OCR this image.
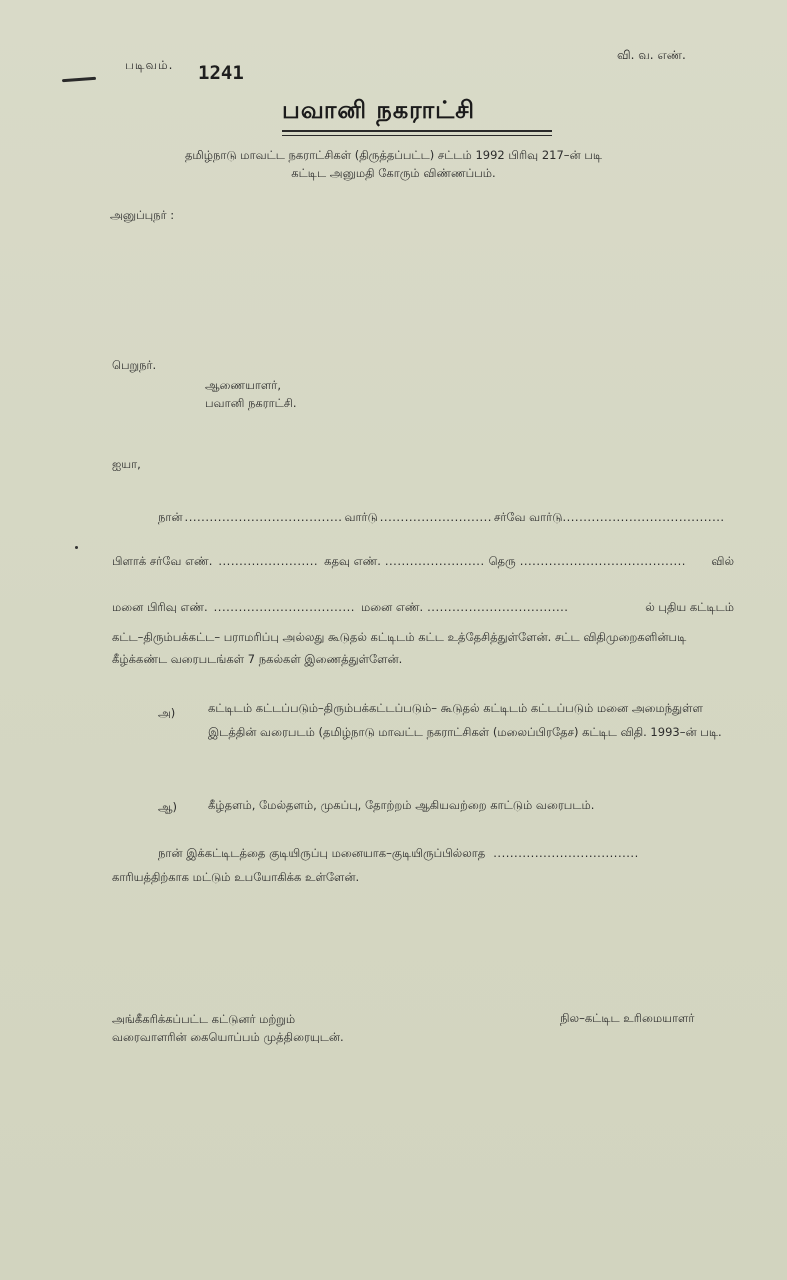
படிவம். 1241
வி. வ. எண்.
பவானி நகராட்சி
தமிழ்நாடு மாவட்ட நகராட்சிகள் (திருத்தப்பட்ட) சட்டம் 1992 பிரிவு 217–ன் படி
கட்டிட அனுமதி கோரும் விண்ணப்பம்.
அனுப்புநர் :
பெறுநர்.
ஆணையாளர்,
பவானி நகராட்சி.
ஐயா,
நான் ...................................... வார்டு ........................... சர்வே வார்டு .......................................
பிளாக் சர்வே எண். ........................ கதவு எண். ........................ தெரு ........................................	வில்
மனை பிரிவு எண். .................................. மனை எண். ..................................	ல் புதிய கட்டிடம்
கட்ட–திரும்பக்கட்ட– பராமரிப்பு அல்லது கூடுதல் கட்டிடம் கட்ட உத்தேசித்துள்ளேன். சட்ட விதிமுறைகளின்படி கீழ்க்கண்ட வரைபடங்கள் 7 நகல்கள் இணைத்துள்ளேன்.
அ)	கட்டிடம் கட்டப்படும்–திரும்பக்கட்டப்படும்– கூடுதல் கட்டிடம் கட்டப்படும் மனை அமைந்துள்ள இடத்தின் வரைபடம் (தமிழ்நாடு மாவட்ட நகராட்சிகள் (மலைப்பிரதேச) கட்டிட விதி. 1993–ன் படி.
ஆ)	கீழ்தளம், மேல்தளம், முகப்பு, தோற்றம் ஆகியவற்றை காட்டும் வரைபடம்.
நான் இக்கட்டிடத்தை குடியிருப்பு மனையாக–குடியிருப்பில்லாத ...................................
காரியத்திற்காக மட்டும் உபயோகிக்க உள்ளேன்.
அங்கீகரிக்கப்பட்ட கட்டுனர் மற்றும்
வரைவாளரின் கையொப்பம் முத்திரையுடன்.
நில–கட்டிட உரிமையாளர்
